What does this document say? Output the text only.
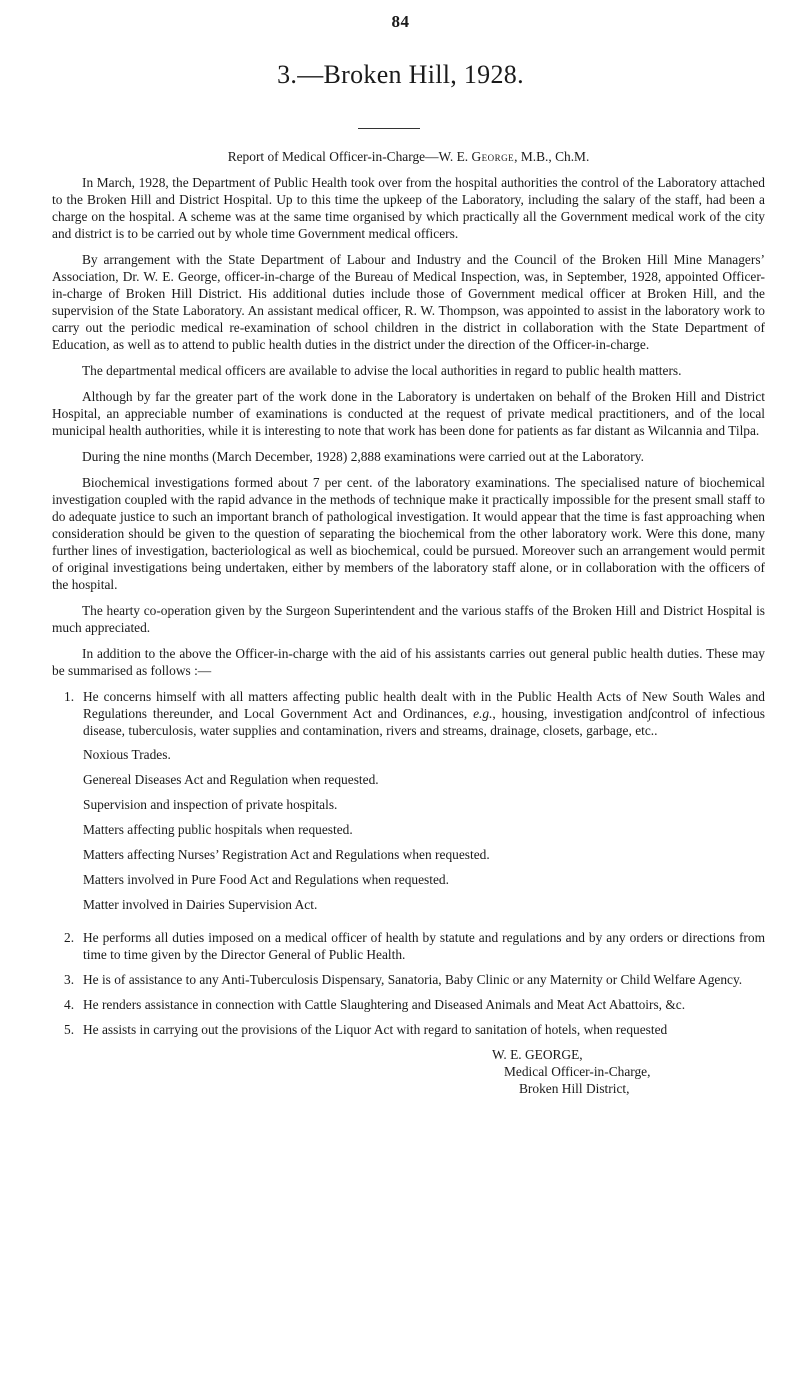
84
3.—Broken Hill, 1928.

Report of Medical Officer-in-Charge—W. E. George, M.B., Ch.M.

In March, 1928, the Department of Public Health took over from the hospital authorities the control of the Laboratory attached to the Broken Hill and District Hospital. Up to this time the upkeep of the Laboratory, including the salary of the staff, had been a charge on the hospital. A scheme was at the same time organised by which practically all the Government medical work of the city and district is to be carried out by whole time Government medical officers.

By arrangement with the State Department of Labour and Industry and the Council of the Broken Hill Mine Managers’ Association, Dr. W. E. George, officer-in-charge of the Bureau of Medical Inspection, was, in September, 1928, appointed Officer-in-charge of Broken Hill District. His additional duties include those of Government medical officer at Broken Hill, and the supervision of the State Laboratory. An assistant medical officer, R. W. Thompson, was appointed to assist in the laboratory work to carry out the periodic medical re-examination of school children in the district in collaboration with the State Department of Education, as well as to attend to public health duties in the district under the direction of the Officer-in-charge.

The departmental medical officers are available to advise the local authorities in regard to public health matters.

Although by far the greater part of the work done in the Laboratory is undertaken on behalf of the Broken Hill and District Hospital, an appreciable number of examinations is conducted at the request of private medical practitioners, and of the local municipal health authorities, while it is interesting to note that work has been done for patients as far distant as Wilcannia and Tilpa.

During the nine months (March December, 1928) 2,888 examinations were carried out at the Laboratory.

Biochemical investigations formed about 7 per cent. of the laboratory examinations. The specialised nature of biochemical investigation coupled with the rapid advance in the methods of technique make it practically impossible for the present small staff to do adequate justice to such an important branch of pathological investigation. It would appear that the time is fast approaching when consideration should be given to the question of separating the biochemical from the other laboratory work. Were this done, many further lines of investigation, bacteriological as well as biochemical, could be pursued. Moreover such an arrangement would permit of original investigations being undertaken, either by members of the laboratory staff alone, or in collaboration with the officers of the hospital.

The hearty co-operation given by the Surgeon Superintendent and the various staffs of the Broken Hill and District Hospital is much appreciated.

In addition to the above the Officer-in-charge with the aid of his assistants carries out general public health duties. These may be summarised as follows :—

1. He concerns himself with all matters affecting public health dealt with in the Public Health Acts of New South Wales and Regulations thereunder, and Local Government Act and Ordinances, e.g., housing, investigation and∫control of infectious disease, tuberculosis, water supplies and contamination, rivers and streams, drainage, closets, garbage, etc..
Noxious Trades.
Genereal Diseases Act and Regulation when requested.
Supervision and inspection of private hospitals.
Matters affecting public hospitals when requested.
Matters affecting Nurses’ Registration Act and Regulations when requested.
Matters involved in Pure Food Act and Regulations when requested.
Matter involved in Dairies Supervision Act.
2. He performs all duties imposed on a medical officer of health by statute and regulations and by any orders or directions from time to time given by the Director General of Public Health.
3. He is of assistance to any Anti-Tuberculosis Dispensary, Sanatoria, Baby Clinic or any Maternity or Child Welfare Agency.
4. He renders assistance in connection with Cattle Slaughtering and Diseased Animals and Meat Act Abattoirs, &c.
5. He assists in carrying out the provisions of the Liquor Act with regard to sanitation of hotels, when requested
W. E. GEORGE,
Medical Officer-in-Charge,
Broken Hill District,
